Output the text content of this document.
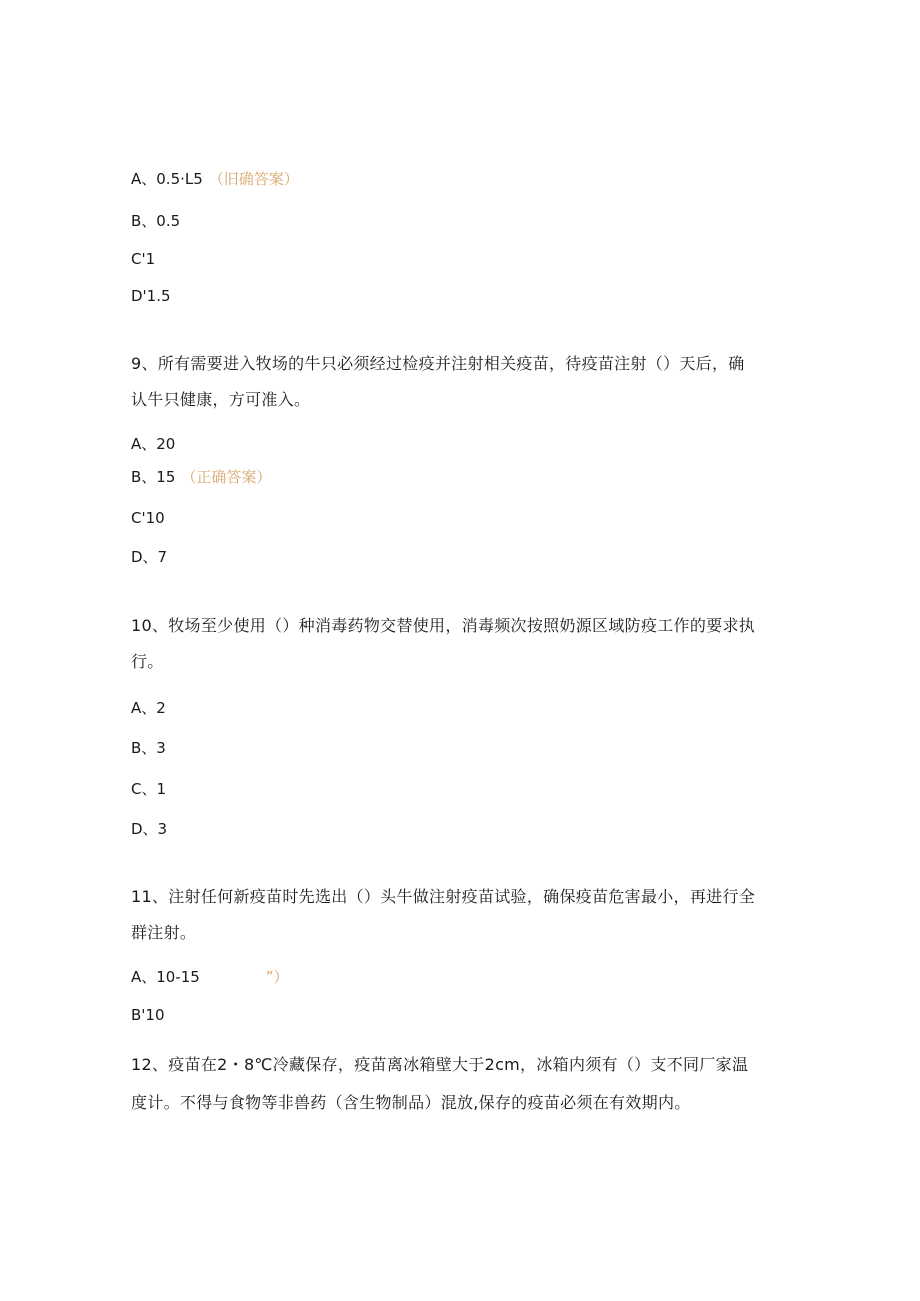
A、0.5·L5 （旧确答案）
B、0.5
C'1
D'1.5
9、所有需要进入牧场的牛只必须经过检疫并注射相关疫苗，待疫苗注射（）天后，确
认牛只健康，方可准入。
A、20
B、15 （正确答案）
C'10
D、7
10、牧场至少使用（）种消毒药物交替使用，消毒频次按照奶源区域防疫工作的要求执
行。
A、2
B、3
C、1
D、3
11、注射任何新疫苗时先选出（）头牛做注射疫苗试验，确保疫苗危害最小，再进行全
群注射。
A、10-15	”）
B'10
12、疫苗在2・8℃冷藏保存，疫苗离冰箱壁大于2cm，冰箱内须有（）支不同厂家温
度计。不得与食物等非兽药（含生物制品）混放,保存的疫苗必须在有效期内。
